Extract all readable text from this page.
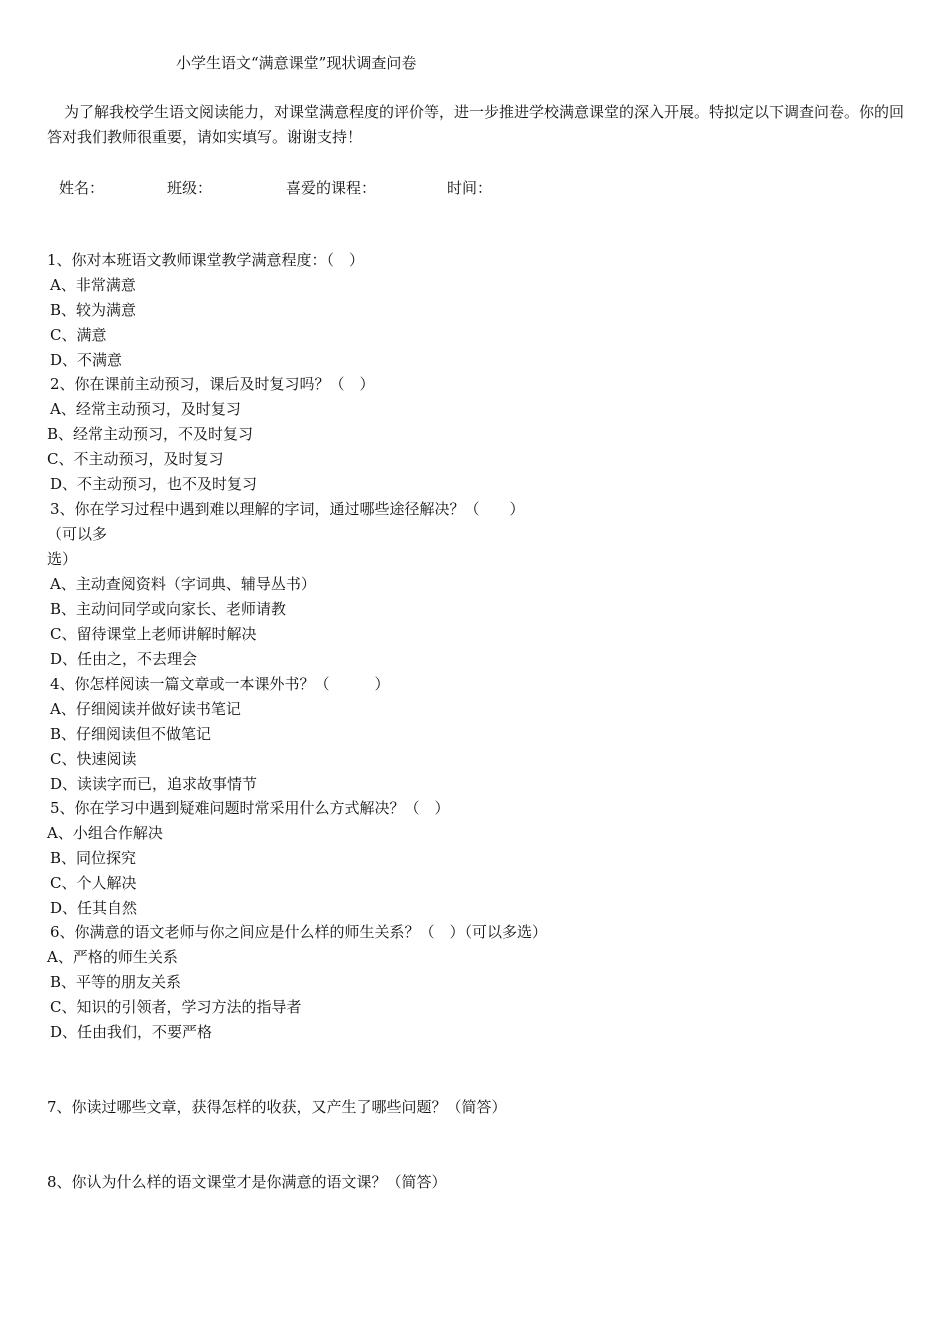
小学生语文“满意课堂”现状调查问卷
为了解我校学生语文阅读能力，对课堂满意程度的评价等，进一步推进学校满意课堂的深入开展。特拟定以下调查问卷。你的回答对我们教师很重要，请如实填写。谢谢支持！
姓名：	班级：	喜爱的课程：	时间：
1、你对本班语文教师课堂教学满意程度：（　）
A、非常满意
B、较为满意
C、满意
D、不满意
2、你在课前主动预习，课后及时复习吗？（　）
A、经常主动预习，及时复习
B、经常主动预习，不及时复习
C、不主动预习，及时复习
D、不主动预习，也不及时复习
3、你在学习过程中遇到难以理解的字词，通过哪些途径解决？（　　）
（可以多
选）
A、主动查阅资料（字词典、辅导丛书）
B、主动问同学或向家长、老师请教
C、留待课堂上老师讲解时解决
D、任由之，不去理会
4、你怎样阅读一篇文章或一本课外书？（　　　）
A、仔细阅读并做好读书笔记
B、仔细阅读但不做笔记
C、快速阅读
D、读读字而已，追求故事情节
5、你在学习中遇到疑难问题时常采用什么方式解决？（　）
A、小组合作解决
B、同位探究
C、个人解决
D、任其自然
6、你满意的语文老师与你之间应是什么样的师生关系？（　）（可以多选）
A、严格的师生关系
B、平等的朋友关系
C、知识的引领者，学习方法的指导者
D、任由我们，不要严格
7、你读过哪些文章，获得怎样的收获，又产生了哪些问题？（简答）
8、你认为什么样的语文课堂才是你满意的语文课？（简答）
